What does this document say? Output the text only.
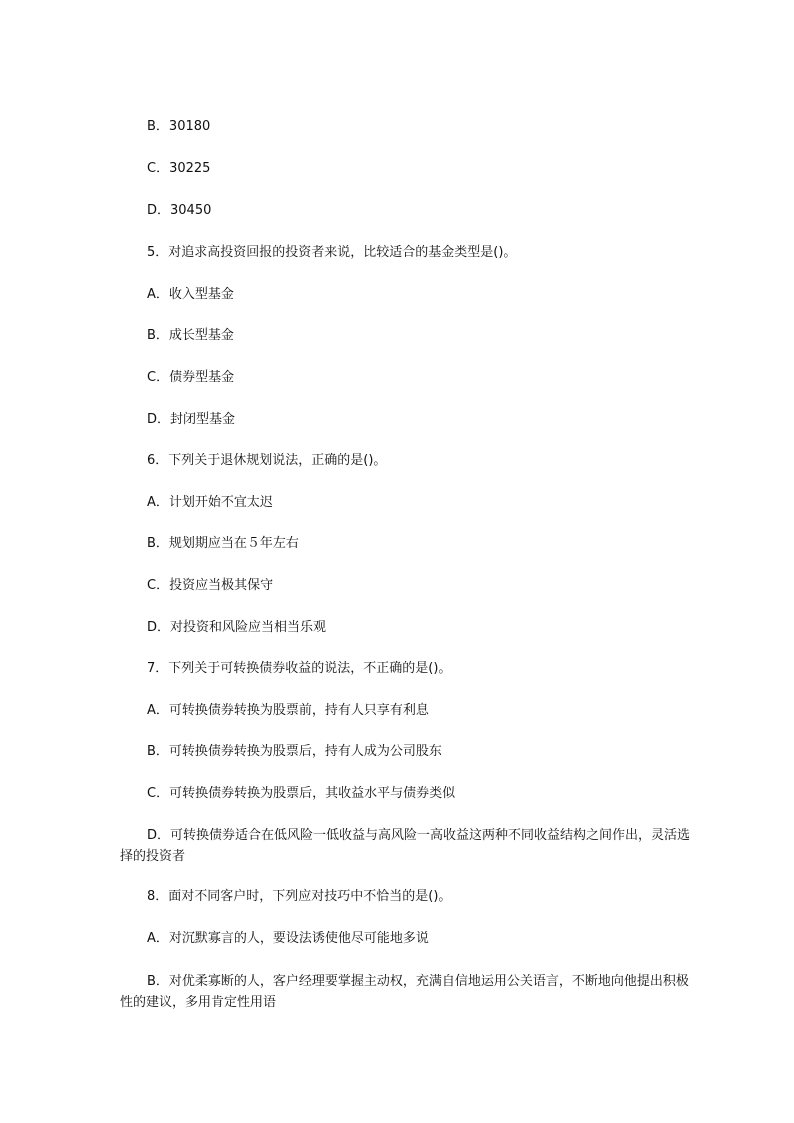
B．30180
C．30225
D．30450
5．对追求高投资回报的投资者来说，比较适合的基金类型是()。
A．收入型基金
B．成长型基金
C．债券型基金
D．封闭型基金
6．下列关于退休规划说法，正确的是()。
A．计划开始不宜太迟
B．规划期应当在５年左右
C．投资应当极其保守
D．对投资和风险应当相当乐观
7．下列关于可转换债券收益的说法，不正确的是()。
A．可转换债券转换为股票前，持有人只享有利息
B．可转换债券转换为股票后，持有人成为公司股东
C．可转换债券转换为股票后，其收益水平与债券类似
D．可转换债券适合在低风险一低收益与高风险一高收益这两种不同收益结构之间作出，灵活选择的投资者
8．面对不同客户时，下列应对技巧中不恰当的是()。
A．对沉默寡言的人，要设法诱使他尽可能地多说
B．对优柔寡断的人，客户经理要掌握主动权，充满自信地运用公关语言，不断地向他提出积极性的建议，多用肯定性用语
